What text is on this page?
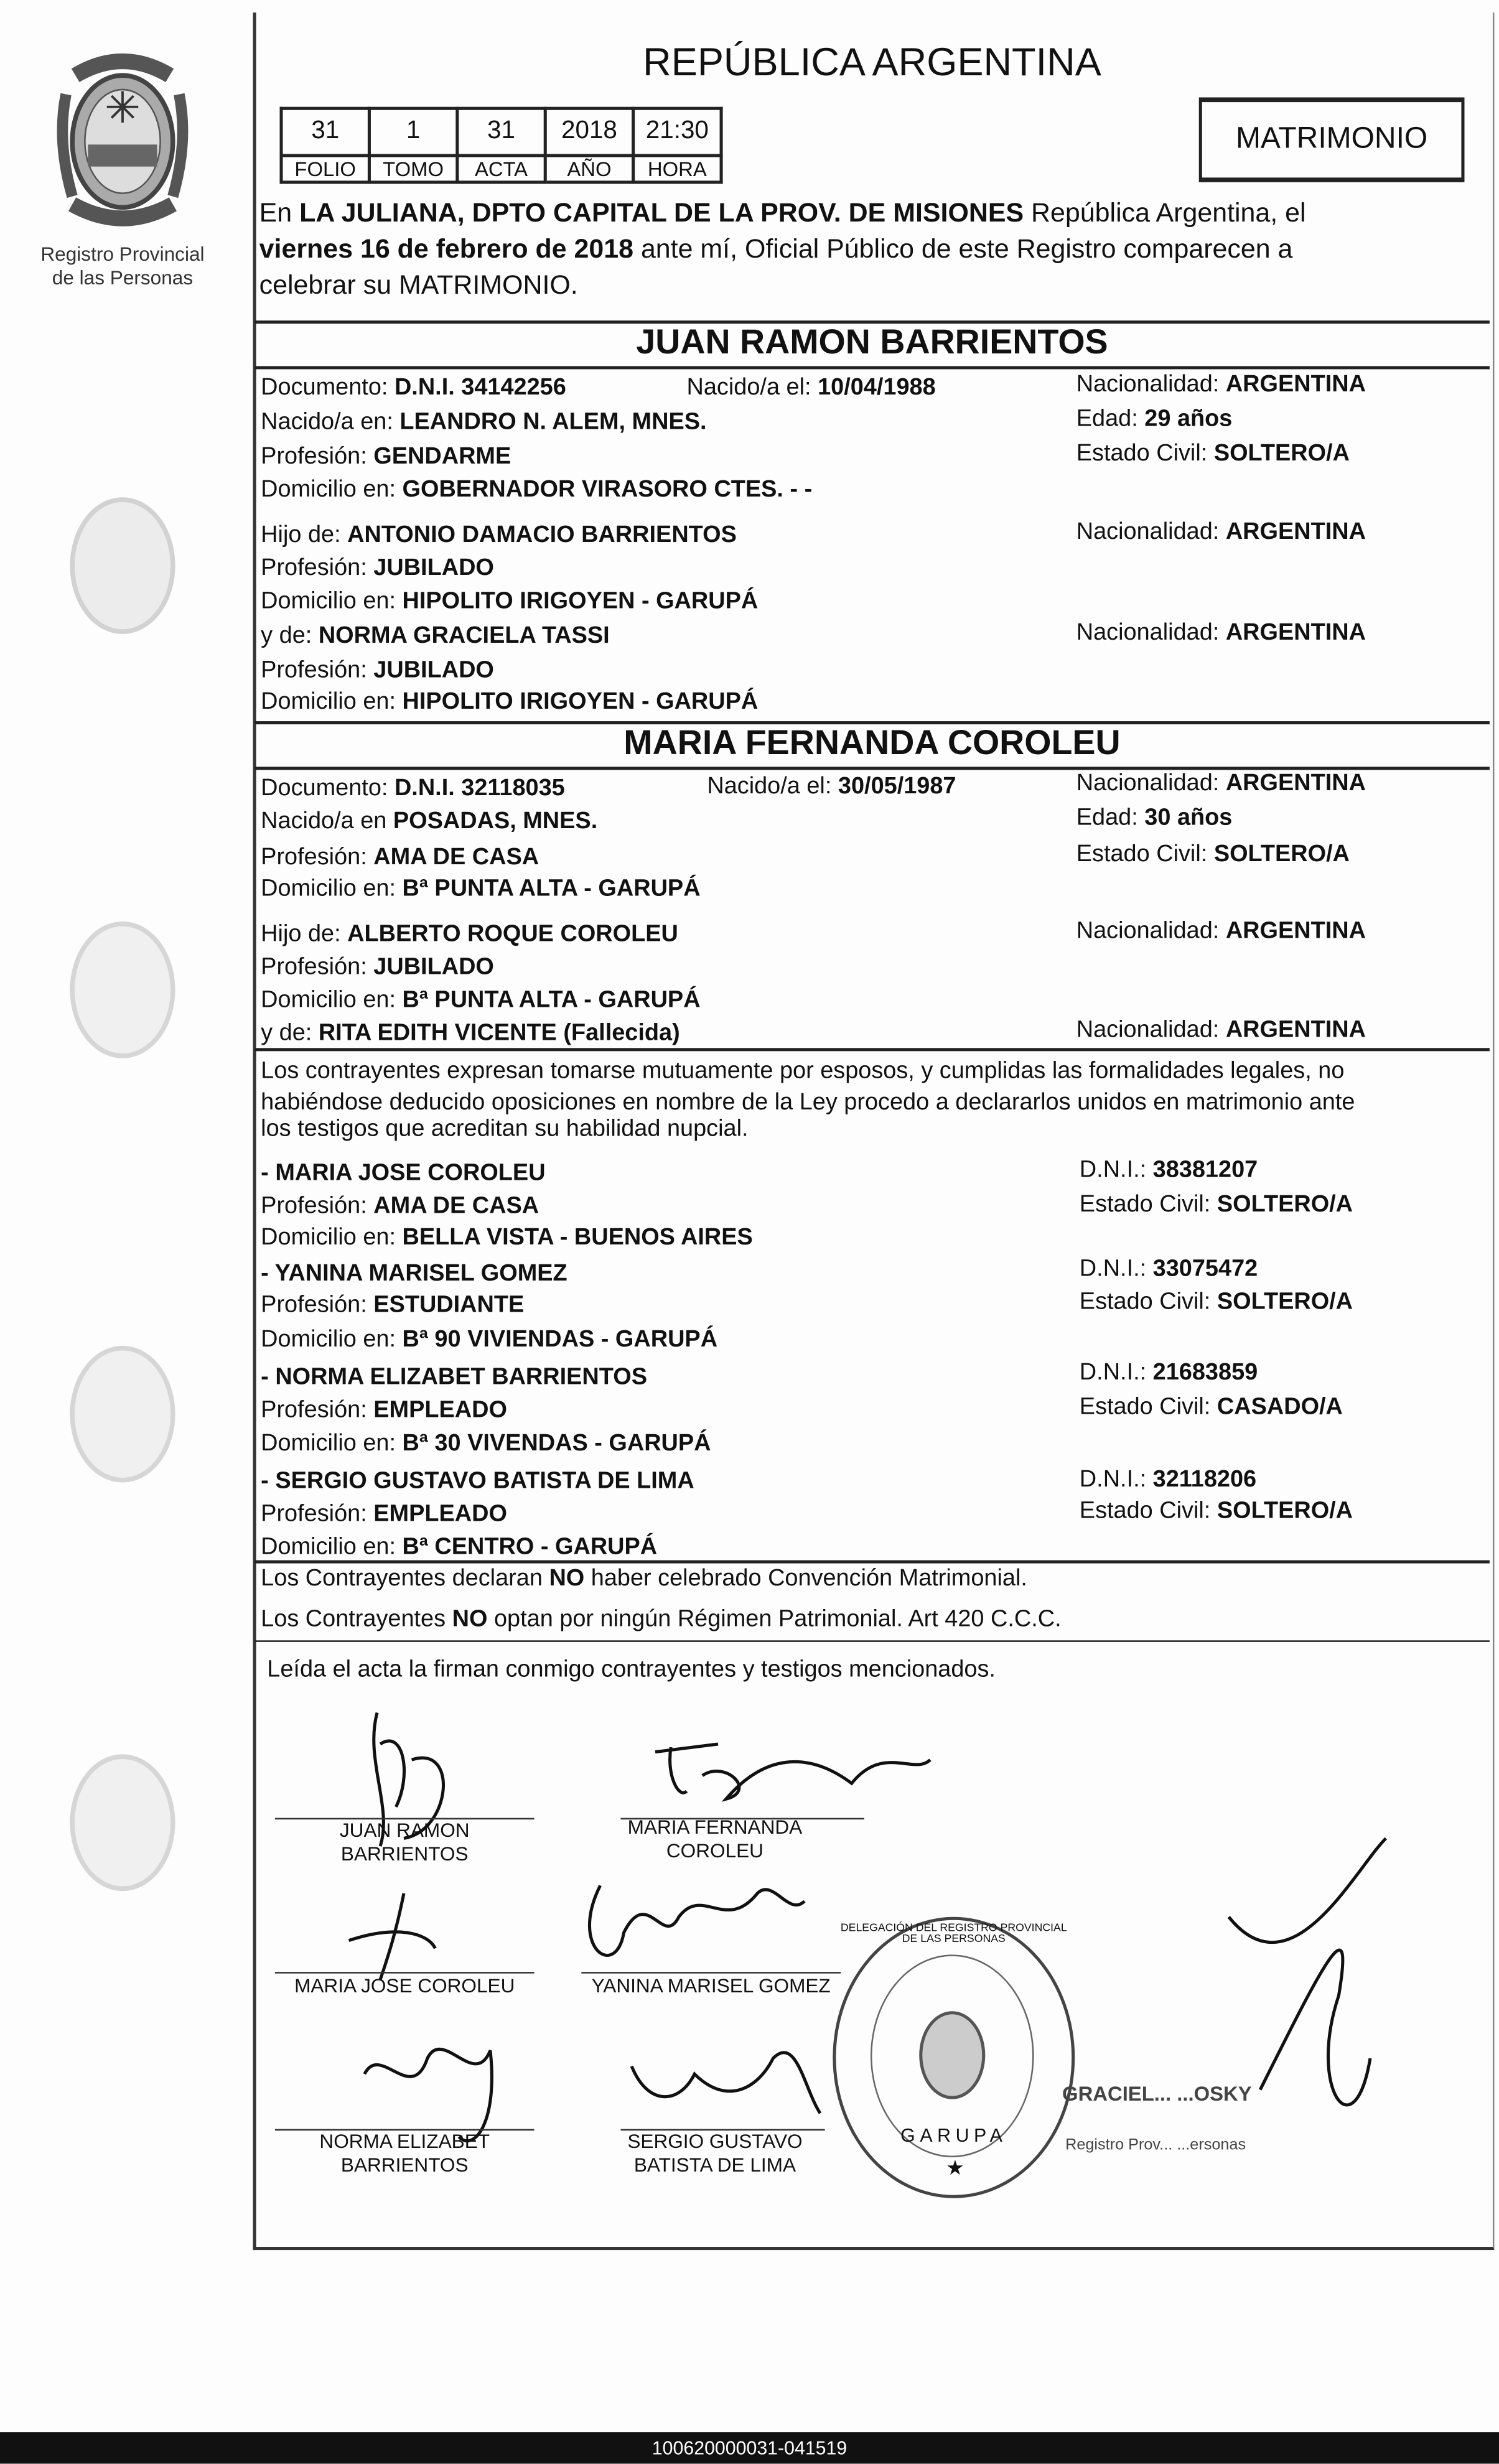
Registro Provincial
de las Personas
REPÚBLICA ARGENTINA
31	1	31	2018	21:30
FOLIO	TOMO	ACTA	AÑO	HORA
MATRIMONIO
En LA JULIANA, DPTO CAPITAL DE LA PROV. DE MISIONES República Argentina, el
viernes 16 de febrero de 2018 ante mí, Oficial Público de este Registro comparecen a
celebrar su MATRIMONIO.
JUAN RAMON BARRIENTOS
Documento: D.N.I. 34142256	Nacido/a el: 10/04/1988	Nacionalidad: ARGENTINA
Nacido/a en: LEANDRO N. ALEM, MNES.	Edad: 29 años
Profesión: GENDARME	Estado Civil: SOLTERO/A
Domicilio en: GOBERNADOR VIRASORO CTES. - -
Hijo de: ANTONIO DAMACIO BARRIENTOS	Nacionalidad: ARGENTINA
Profesión: JUBILADO
Domicilio en: HIPOLITO IRIGOYEN - GARUPÁ
y de: NORMA GRACIELA TASSI	Nacionalidad: ARGENTINA
Profesión: JUBILADO
Domicilio en: HIPOLITO IRIGOYEN - GARUPÁ
MARIA FERNANDA COROLEU
Documento: D.N.I. 32118035	Nacido/a el: 30/05/1987	Nacionalidad: ARGENTINA
Nacido/a en POSADAS, MNES.	Edad: 30 años
Profesión: AMA DE CASA	Estado Civil: SOLTERO/A
Domicilio en: Bª PUNTA ALTA - GARUPÁ
Hijo de: ALBERTO ROQUE COROLEU	Nacionalidad: ARGENTINA
Profesión: JUBILADO
Domicilio en: Bª PUNTA ALTA - GARUPÁ
y de: RITA EDITH VICENTE (Fallecida)	Nacionalidad: ARGENTINA
Los contrayentes expresan tomarse mutuamente por esposos, y cumplidas las formalidades legales, no
habiéndose deducido oposiciones en nombre de la Ley procedo a declararlos unidos en matrimonio ante
los testigos que acreditan su habilidad nupcial.
- MARIA JOSE COROLEU	D.N.I.: 38381207
Profesión: AMA DE CASA	Estado Civil: SOLTERO/A
Domicilio en: BELLA VISTA - BUENOS AIRES
- YANINA MARISEL GOMEZ	D.N.I.: 33075472
Profesión: ESTUDIANTE	Estado Civil: SOLTERO/A
Domicilio en: Bª 90 VIVIENDAS - GARUPÁ
- NORMA ELIZABET BARRIENTOS	D.N.I.: 21683859
Profesión: EMPLEADO	Estado Civil: CASADO/A
Domicilio en: Bª 30 VIVENDAS - GARUPÁ
- SERGIO GUSTAVO BATISTA DE LIMA	D.N.I.: 32118206
Profesión: EMPLEADO	Estado Civil: SOLTERO/A
Domicilio en: Bª CENTRO - GARUPÁ
Los Contrayentes declaran NO haber celebrado Convención Matrimonial.
Los Contrayentes NO optan por ningún Régimen Patrimonial. Art 420 C.C.C.
Leída el acta la firman conmigo contrayentes y testigos mencionados.
JUAN RAMON
BARRIENTOS
MARIA FERNANDA
COROLEU
MARIA JOSE COROLEU	YANINA MARISEL GOMEZ
NORMA ELIZABET
BARRIENTOS
SERGIO GUSTAVO
BATISTA DE LIMA
DELEGACIÓN DEL REGISTRO PROVINCIAL DE LAS PERSONAS
GARUPA
★
GRACIEL... ...OSKY
Registro Prov... ...ersonas
100620000031-041519
